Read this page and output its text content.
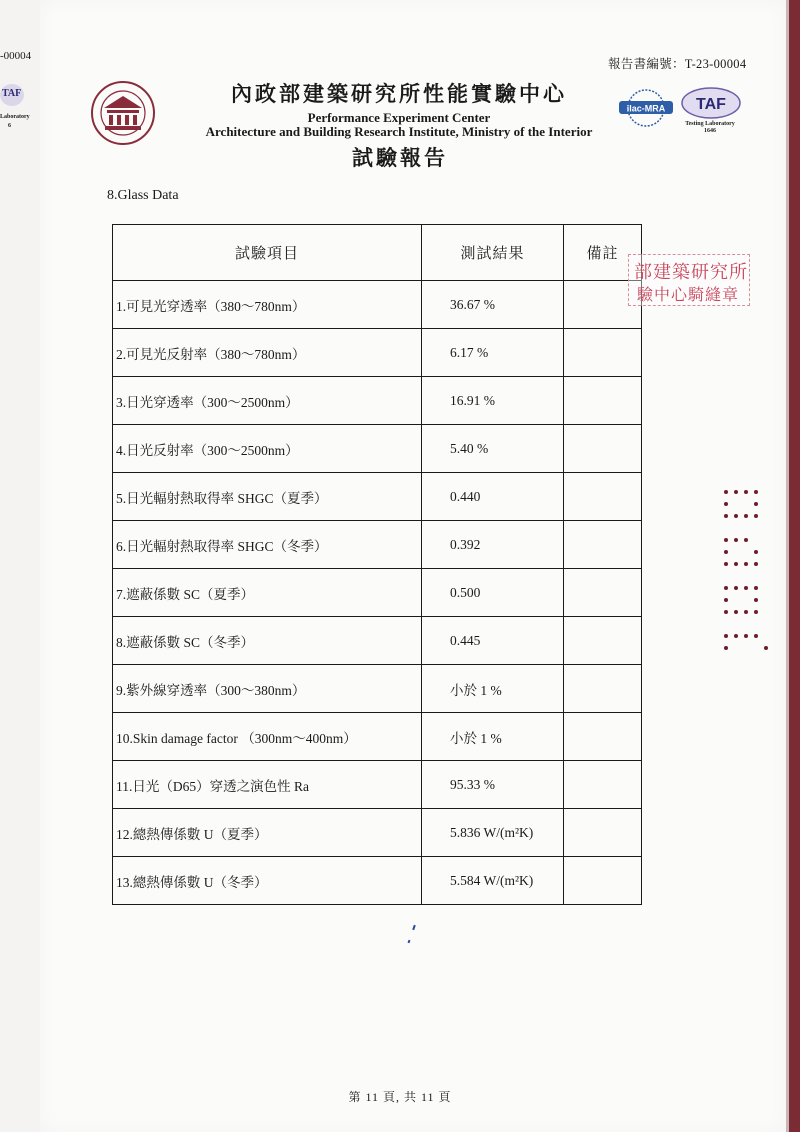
-00004
TAF
Laboratory
6
報告書編號：T-23-00004
ilac-MRA TAF
Testing Laboratory
1646
內政部建築研究所性能實驗中心
Performance Experiment Center
Architecture and Building Research Institute, Ministry of the Interior
試驗報告
8.Glass Data
試驗項目	測試結果	備註
1.可見光穿透率（380～780nm）	36.67 %	
2.可見光反射率（380～780nm）	6.17 %	
3.日光穿透率（300～2500nm）	16.91 %	
4.日光反射率（300～2500nm）	5.40 %	
5.日光輻射熱取得率 SHGC（夏季）	0.440	
6.日光輻射熱取得率 SHGC（冬季）	0.392	
7.遮蔽係數 SC（夏季）	0.500	
8.遮蔽係數 SC（冬季）	0.445	
9.紫外線穿透率（300～380nm）	小於 1 %	
10.Skin damage factor （300nm～400nm）	小於 1 %	
11.日光（D65）穿透之演色性 Ra	95.33 %	
12.總熱傳係數 U（夏季）	5.836 W/(m²K)	
13.總熱傳係數 U（冬季）	5.584 W/(m²K)	
部建築研究所
驗中心騎縫章
第 11 頁, 共 11 頁
